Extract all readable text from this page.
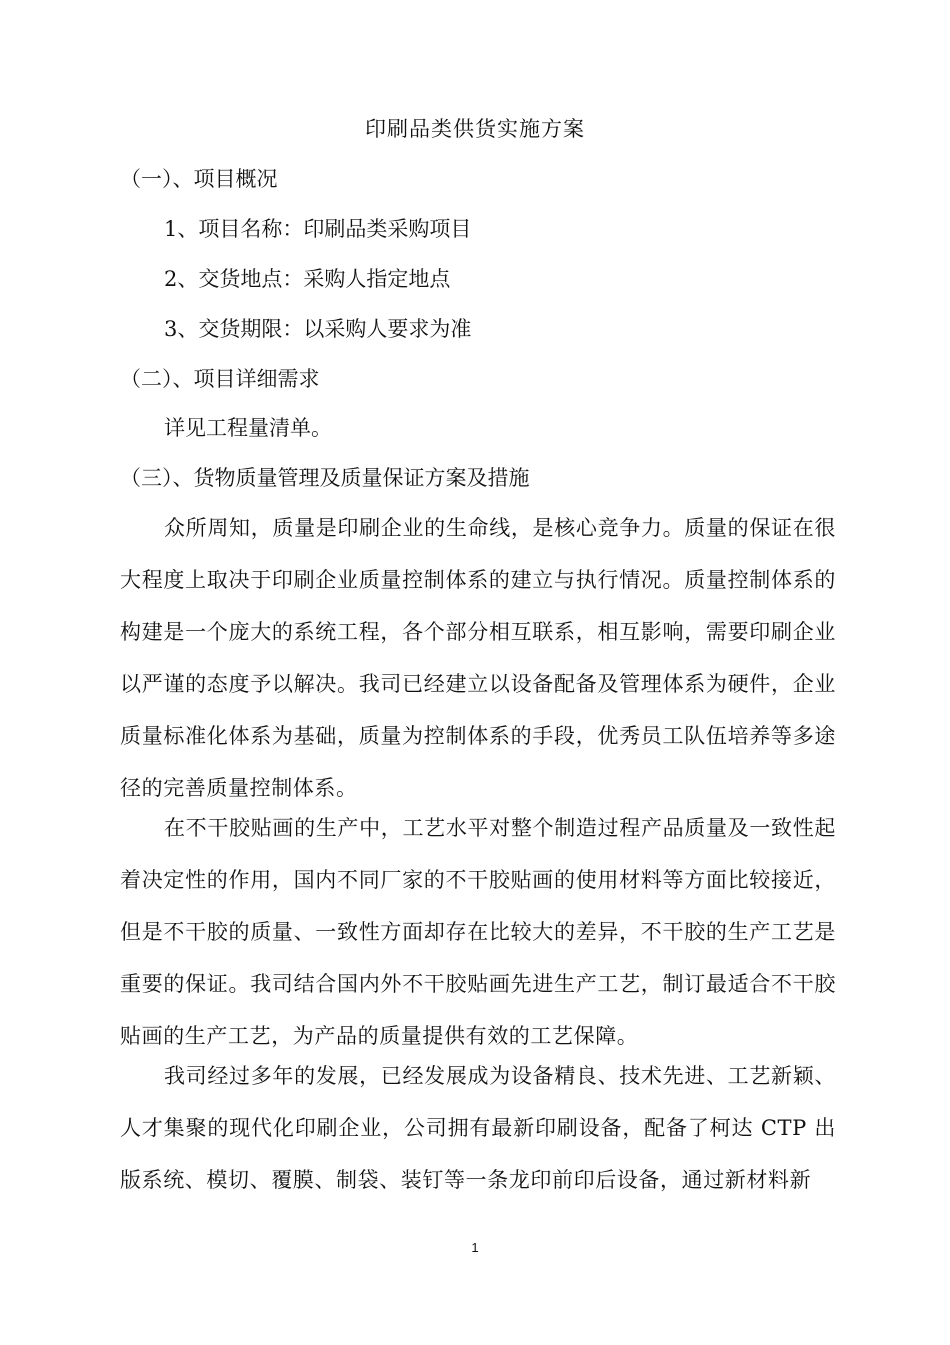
印刷品类供货实施方案
（一）、项目概况
1、项目名称：印刷品类采购项目
2、交货地点：采购人指定地点
3、交货期限：以采购人要求为准
（二）、项目详细需求
详见工程量清单。
（三）、货物质量管理及质量保证方案及措施
众所周知，质量是印刷企业的生命线，是核心竞争力。质量的保证在很大程度上取决于印刷企业质量控制体系的建立与执行情况。质量控制体系的构建是一个庞大的系统工程，各个部分相互联系，相互影响，需要印刷企业以严谨的态度予以解决。我司已经建立以设备配备及管理体系为硬件，企业质量标准化体系为基础，质量为控制体系的手段，优秀员工队伍培养等多途径的完善质量控制体系。
在不干胶贴画的生产中，工艺水平对整个制造过程产品质量及一致性起着决定性的作用，国内不同厂家的不干胶贴画的使用材料等方面比较接近，但是不干胶的质量、一致性方面却存在比较大的差异，不干胶的生产工艺是重要的保证。我司结合国内外不干胶贴画先进生产工艺，制订最适合不干胶贴画的生产工艺，为产品的质量提供有效的工艺保障。
我司经过多年的发展，已经发展成为设备精良、技术先进、工艺新颖、人才集聚的现代化印刷企业，公司拥有最新印刷设备，配备了柯达 CTP 出版系统、模切、覆膜、制袋、装钉等一条龙印前印后设备，通过新材料新
1
